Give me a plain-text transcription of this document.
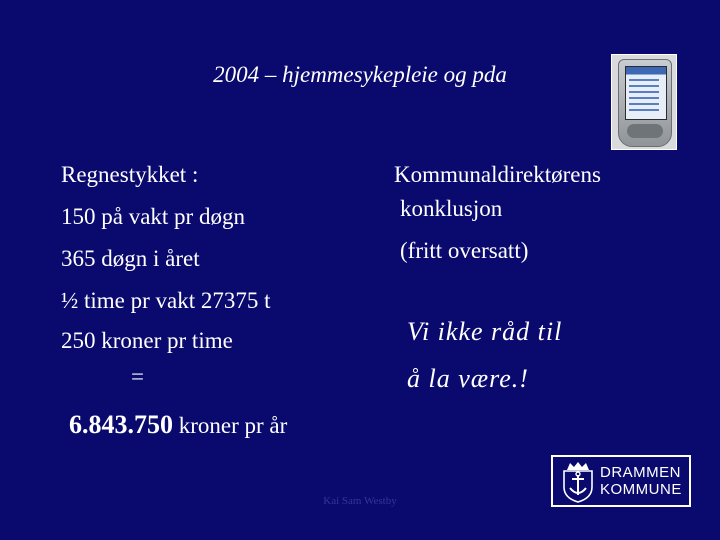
2004 – hjemmesykepleie og pda
Regnestykket :
150 på vakt pr døgn
365 døgn i året
½ time pr vakt 27375 t
250 kroner pr time
=
6.843.750 kroner pr år
Kommunaldirektørens
konklusjon
(fritt oversatt)
Vi ikke råd til
å la være.!
Kai Sam Westby
DRAMMEN
KOMMUNE
